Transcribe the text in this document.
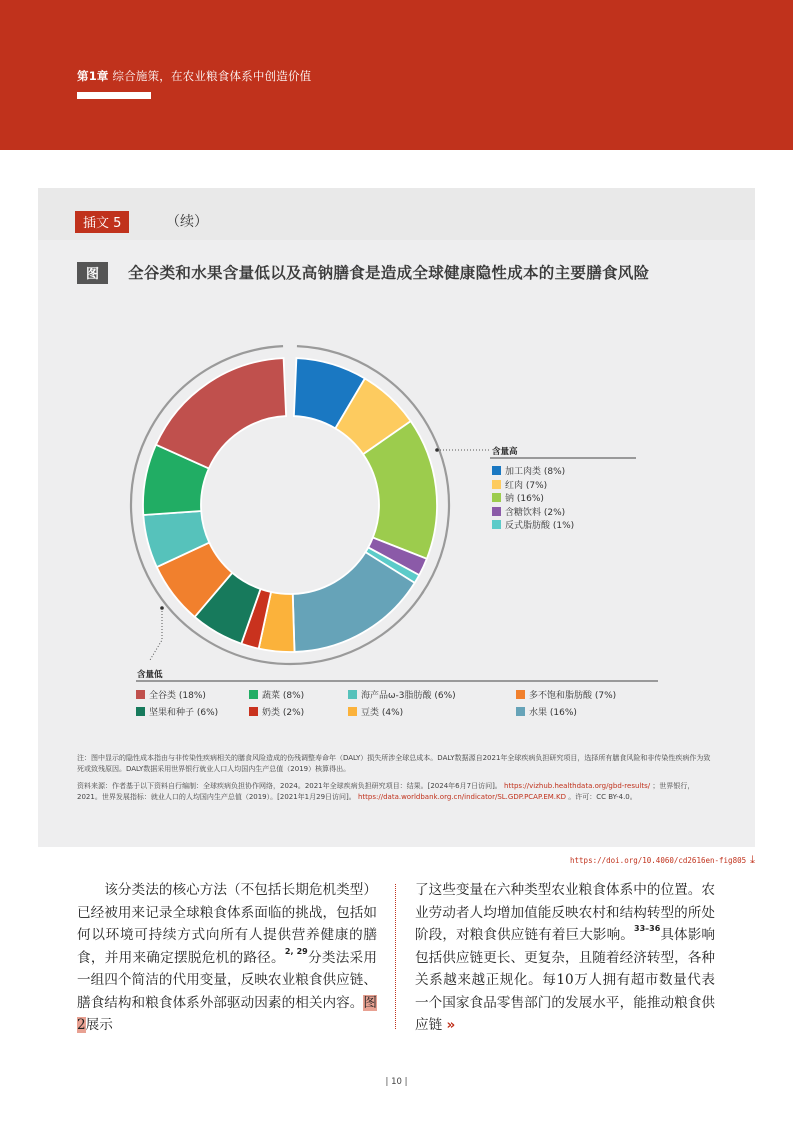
第1章 综合施策，在农业粮食体系中创造价值
插文 5	（续）
图	全谷类和水果含量低以及高钠膳食是造成全球健康隐性成本的主要膳食风险
含量高
加工肉类 (8%)
红肉 (7%)
钠 (16%)
含糖饮料 (2%)
反式脂肪酸 (1%)
含量低
全谷类 (18%)	蔬菜 (8%)	海产品ω-3脂肪酸 (6%)	多不饱和脂肪酸 (7%)
坚果和种子 (6%)	奶类 (2%)	豆类 (4%)	水果 (16%)
注：图中显示的隐性成本指由与非传染性疾病相关的膳食风险造成的伤残调整寿命年（DALY）损失所涉全球总成本。DALY数据源自2021年全球疾病负担研究项目，选择所有膳食风险和非传染性疾病作为致死或致残原因。DALY数据采用世界银行就业人口人均国内生产总值（2019）核算得出。
资料来源：作者基于以下资料自行编制：全球疾病负担协作网络，2024。2021年全球疾病负担研究项目：结果。[2024年6月7日访问]。 https://vizhub.healthdata.org/gbd-results/ ；世界银行，2021。世界发展指标：就业人口的人均国内生产总值（2019）。[2021年1月29日访问]。 https://data.worldbank.org.cn/indicator/SL.GDP.PCAP.EM.KD 。许可：CC BY-4.0。
https://doi.org/10.4060/cd2616en-fig805 ⤓
　　该分类法的核心方法（不包括长期危机类型）已经被用来记录全球粮食体系面临的挑战，包括如何以环境可持续方式向所有人提供营养健康的膳食，并用来确定摆脱危机的路径。$^{2, 29}$分类法采用一组四个简洁的代用变量，反映农业粮食供应链、膳食结构和粮食体系外部驱动因素的相关内容。图2展示
了这些变量在六种类型农业粮食体系中的位置。农业劳动者人均增加值能反映农村和结构转型的所处阶段，对粮食供应链有着巨大影响。$^{33-36}$具体影响包括供应链更长、更复杂，且随着经济转型，各种关系越来越正规化。每10万人拥有超市数量代表一个国家食品零售部门的发展水平，能推动粮食供应链 »
| 10 |
